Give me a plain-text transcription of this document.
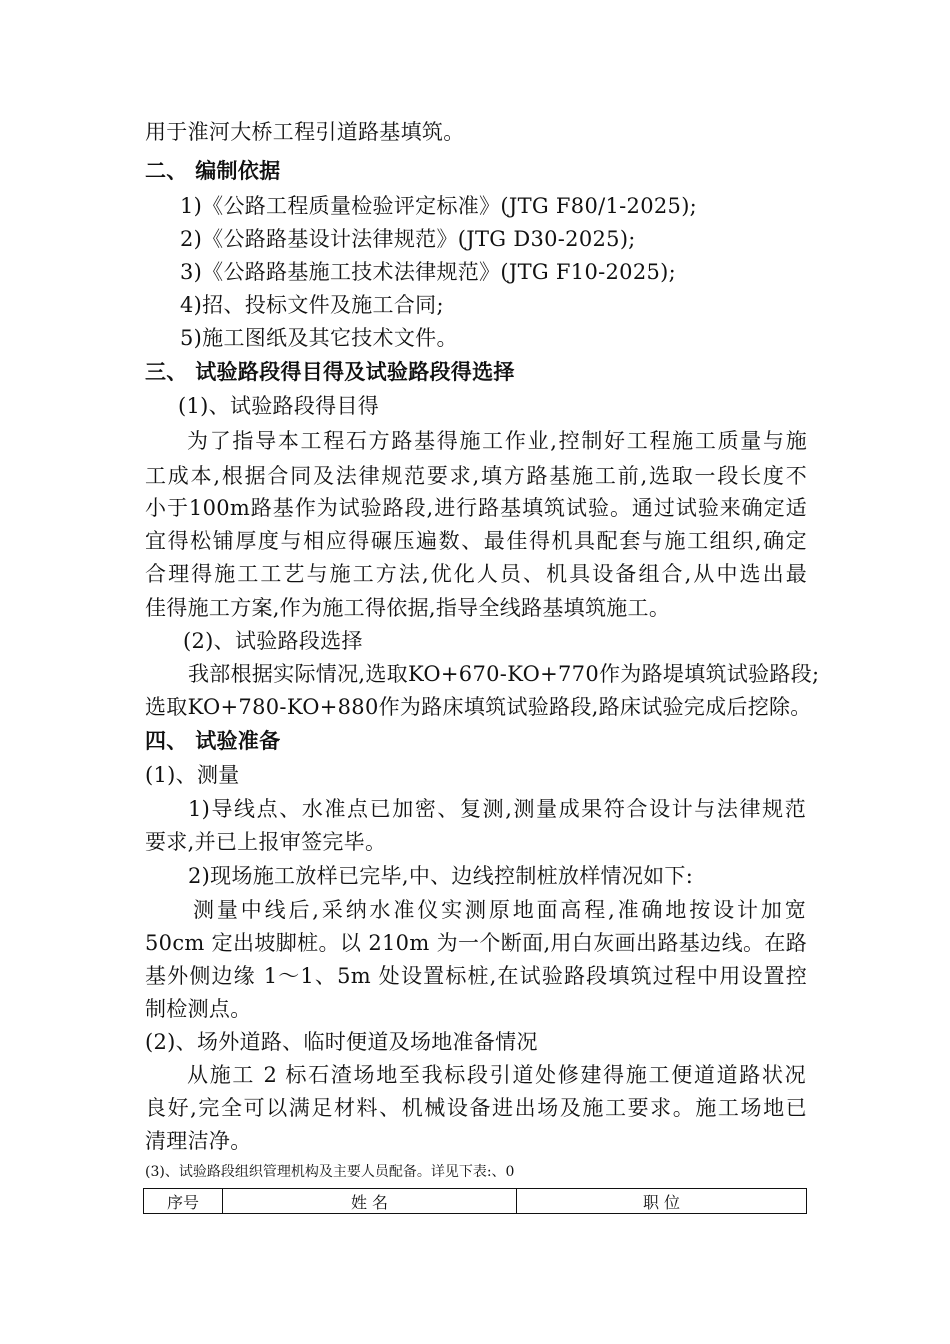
用于淮河大桥工程引道路基填筑。
二、 编制依据
1)《公路工程质量检验评定标准》(JTG F80/1-2025);
2)《公路路基设计法律规范》(JTG D30-2025);
3)《公路路基施工技术法律规范》(JTG F10-2025);
4)招、投标文件及施工合同;
5)施工图纸及其它技术文件。
三、 试验路段得目得及试验路段得选择
(1)、试验路段得目得
为了指导本工程石方路基得施工作业,控制好工程施工质量与施
工成本,根据合同及法律规范要求,填方路基施工前,选取一段长度不
小于100m路基作为试验路段,进行路基填筑试验。通过试验来确定适
宜得松铺厚度与相应得碾压遍数、最佳得机具配套与施工组织,确定
合理得施工工艺与施工方法,优化人员、机具设备组合,从中选出最
佳得施工方案,作为施工得依据,指导全线路基填筑施工。
(2)、试验路段选择
我部根据实际情况,选取KO+670-KO+770作为路堤填筑试验路段;
选取KO+780-KO+880作为路床填筑试验路段,路床试验完成后挖除。
四、 试验准备
(1)、测量
1)导线点、水准点已加密、复测,测量成果符合设计与法律规范
要求,并已上报审签完毕。
2)现场施工放样已完毕,中、边线控制桩放样情况如下:
测量中线后,采纳水准仪实测原地面高程,准确地按设计加宽
50cm 定出坡脚桩。以 210m 为一个断面,用白灰画出路基边线。在路
基外侧边缘 1～1、5m 处设置标桩,在试验路段填筑过程中用设置控
制检测点。
(2)、场外道路、临时便道及场地准备情况
从施工 2 标石渣场地至我标段引道处修建得施工便道道路状况
良好,完全可以满足材料、机械设备进出场及施工要求。施工场地已
清理洁净。
(3)、试验路段组织管理机构及主要人员配备。详见下表:、0
序号	姓 名	职 位
